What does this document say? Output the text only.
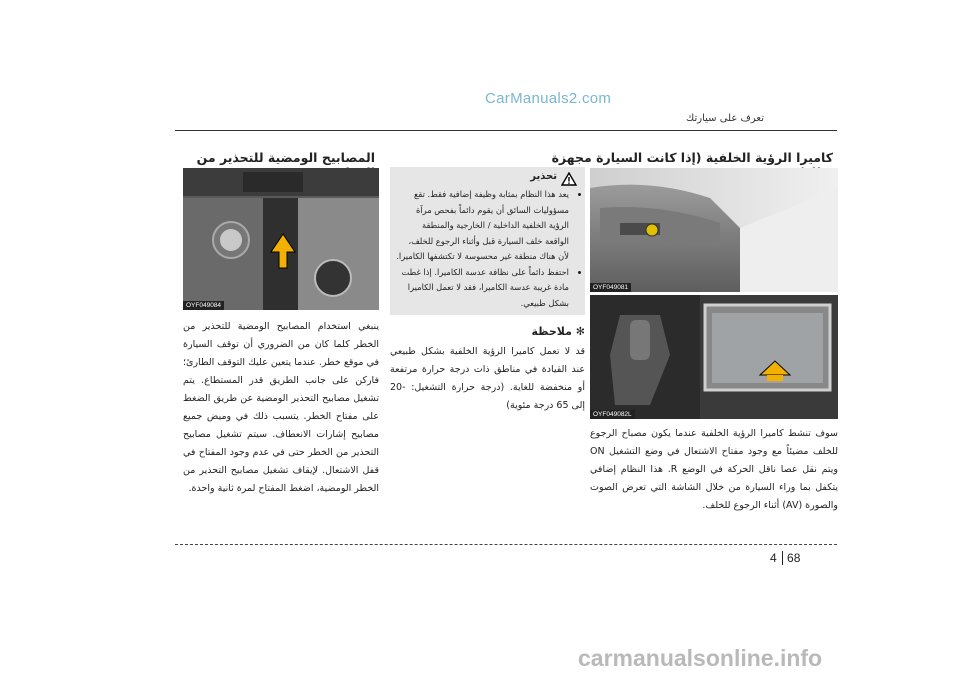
CarManuals2.com
تعرف على سيارتك
كاميرا الرؤية الخلفية (إذا كانت السيارة مجهزة
OYF049081
OYF049082L
تحذير
• يعد هذا النظام بمثابة وظيفة إضافية فقط. تقع مسؤوليات السائق أن يقوم دائماً بفحص مرآة الرؤية الخلفية الداخلية / الخارجية والمنطقة الواقعة خلف السيارة قبل وأثناء الرجوع للخلف، لأن هناك منطقة غير محسوسة لا تكتشفها الكاميرا.
• احتفظ دائماً على نظافة عدسة الكاميرا. إذا غطت مادة غريبة عدسة الكاميرا، فقد لا تعمل الكاميرا بشكل طبيعي.
✻ ملاحظة
قد لا تعمل كاميرا الرؤية الخلفية بشكل طبيعي عند القيادة في مناطق ذات درجة حرارة مرتفعة أو منخفضة للغاية. (درجة حرارة التشغيل: -20 إلى 65 درجة مئوية)
سوف تنشط كاميرا الرؤية الخلفية عندما يكون مصباح الرجوع للخلف مضيئاً مع وجود مفتاح الاشتعال في وضع التشغيل ON ويتم نقل عصا ناقل الحركة في الوضع R. هذا النظام إضافي يتكفل بما وراء السيارة من خلال الشاشة التي تعرض الصوت والصورة (AV) أثناء الرجوع للخلف.
المصابيح الومضية للتحذير من
OYF049084
ينبغي استخدام المصابيح الومضية للتحذير من الخطر كلما كان من الضروري أن توقف السيارة في موقع خطر. عندما يتعين عليك التوقف الطارئ؛ فاركن على جانب الطريق قدر المستطاع. يتم تشغيل مصابيح التحذير الومضية عن طريق الضغط على مفتاح الخطر. يتسبب ذلك في وميض جميع مصابيح إشارات الانعطاف. سيتم تشغيل مصابيح التحذير من الخطر حتى في عدم وجود المفتاح في قفل الاشتعال. لإيقاف تشغيل مصابيح التحذير من الخطر الومضية، اضغط المفتاح لمرة ثانية واحدة.
4 68
carmanualsonline.info
